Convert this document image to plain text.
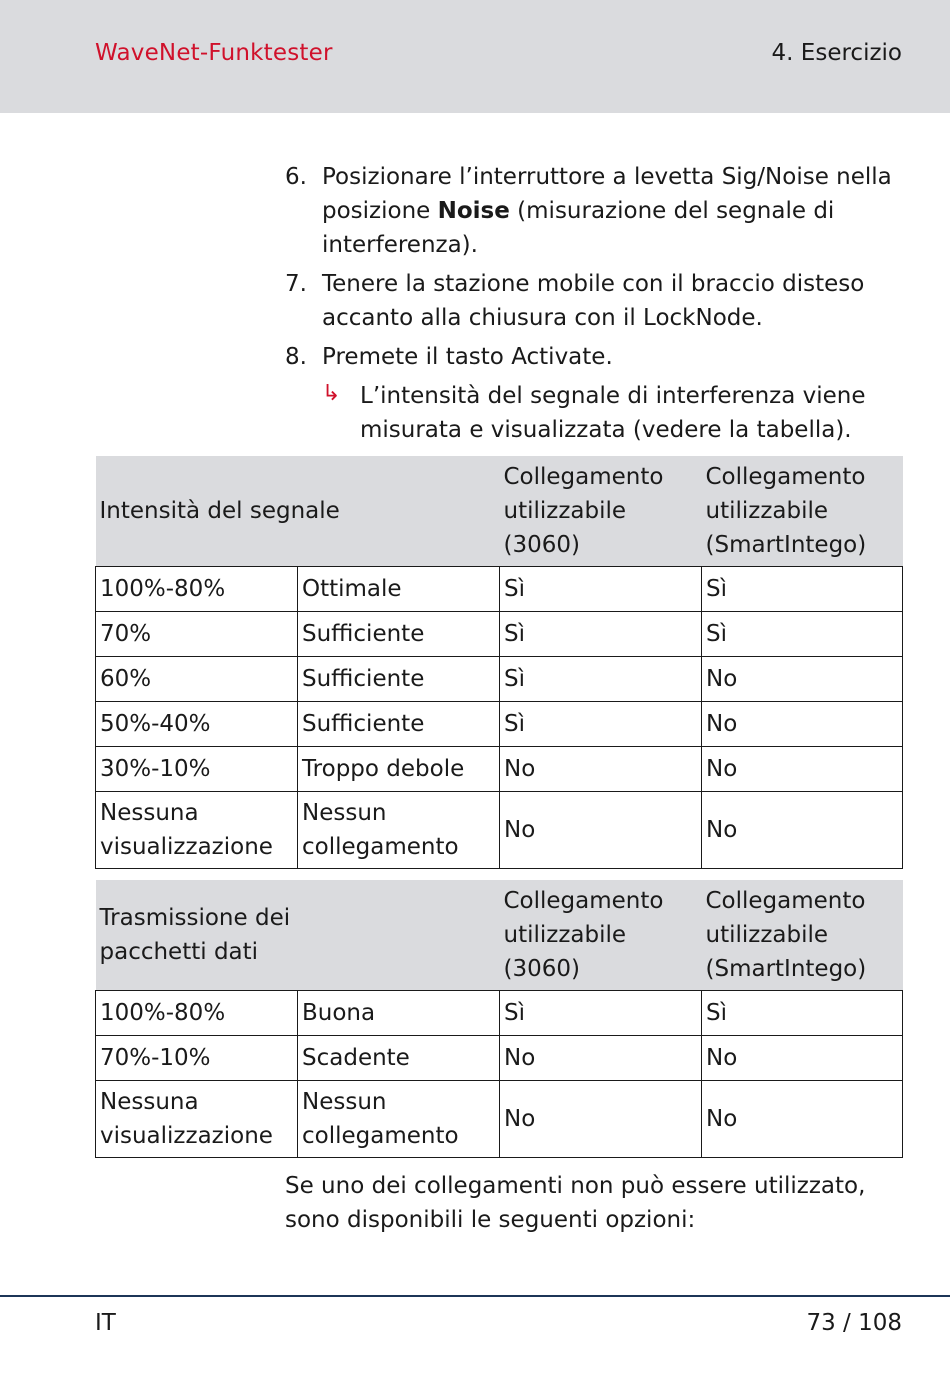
WaveNet-Funktester	4. Esercizio
6. Posizionare l’interruttore a levetta Sig/Noise nella posizione Noise (misurazione del segnale di interferenza).
7. Tenere la stazione mobile con il braccio disteso accanto alla chiusura con il LockNode.
8. Premete il tasto Activate.
↳ L’intensità del segnale di interferenza viene misurata e visualizzata (vedere la tabella).
Intensità del segnale		Collegamento utilizzabile (3060)	Collegamento utilizzabile (SmartIntego)
100%-80%	Ottimale	Sì	Sì
70%	Sufficiente	Sì	Sì
60%	Sufficiente	Sì	No
50%-40%	Sufficiente	Sì	No
30%-10%	Troppo debole	No	No
Nessuna visualizzazione	Nessun collegamento	No	No
Trasmissione dei pacchetti dati		Collegamento utilizzabile (3060)	Collegamento utilizzabile (SmartIntego)
100%-80%	Buona	Sì	Sì
70%-10%	Scadente	No	No
Nessuna visualizzazione	Nessun collegamento	No	No
Se uno dei collegamenti non può essere utilizzato, sono disponibili le seguenti opzioni:
IT	73 / 108
